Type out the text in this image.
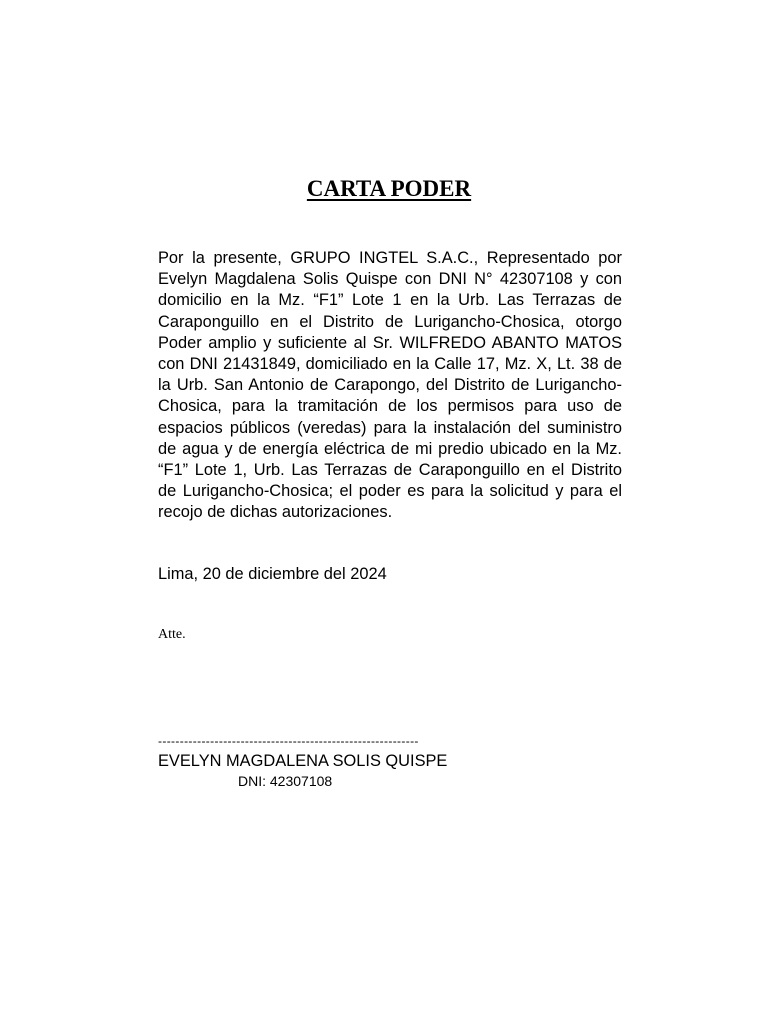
CARTA PODER

Por la presente, GRUPO INGTEL S.A.C., Representado por Evelyn Magdalena Solis Quispe con DNI N° 42307108 y con domicilio en la Mz. “F1” Lote 1 en la Urb. Las Terrazas de Caraponguillo en el Distrito de Lurigancho-Chosica, otorgo Poder amplio y suficiente al Sr. WILFREDO ABANTO MATOS con DNI 21431849, domiciliado en la Calle 17, Mz. X, Lt. 38 de la Urb. San Antonio de Carapongo, del Distrito de Lurigancho-Chosica, para la tramitación de los permisos para uso de espacios públicos (veredas) para la instalación del suministro de agua y de energía eléctrica de mi predio ubicado en la Mz. “F1” Lote 1, Urb. Las Terrazas de Caraponguillo en el Distrito de Lurigancho-Chosica; el poder es para la solicitud y para el recojo de dichas autorizaciones.

Lima, 20 de diciembre del 2024

Atte.

------------------------------------------------------------

EVELYN MAGDALENA SOLIS QUISPE

DNI: 42307108
